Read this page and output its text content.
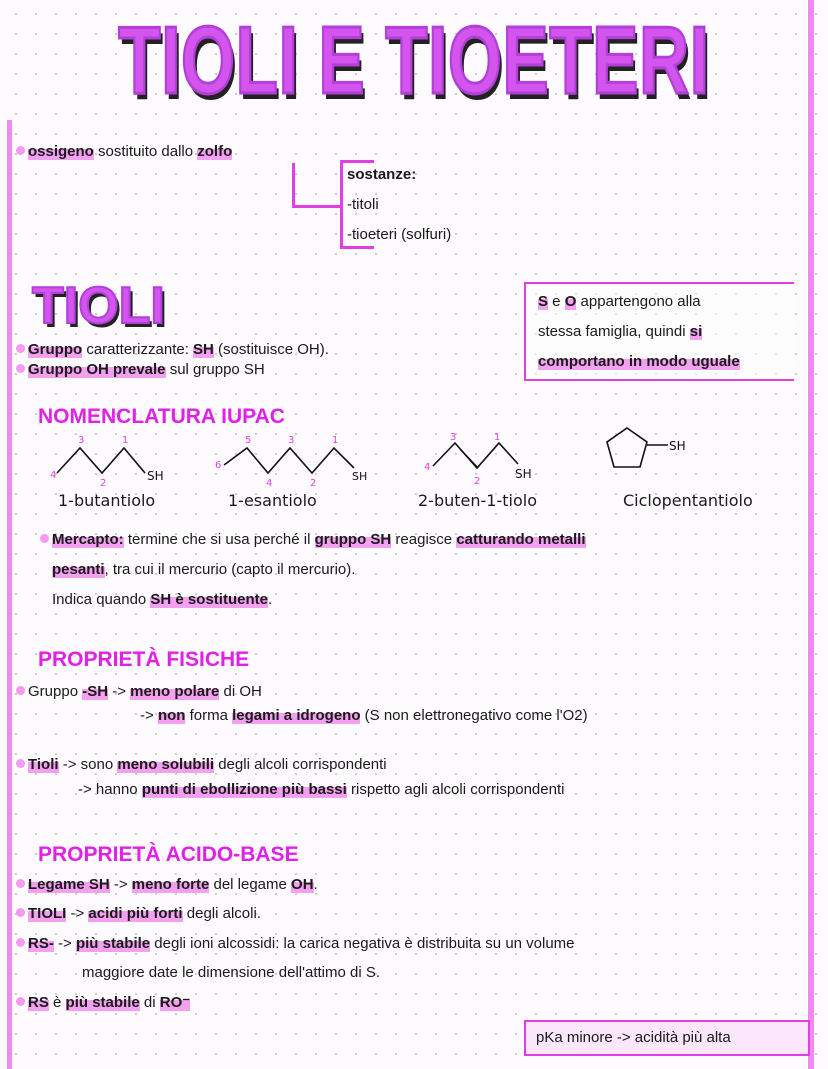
TIOLI E TIOETERI
ossigeno sostituito dallo zolfo
sostanze:
-titoli
-tioeteri (solfuri)
TIOLI
Gruppo caratterizzante: SH (sostituisce OH).
Gruppo OH prevale sul gruppo SH
S e O appartengono alla
stessa famiglia, quindi si
comportano in modo uguale
NOMENCLATURA IUPAC
3	1
4
2
SH
5	3	1
6
4	2
SH
3	1
4
2
SH
SH
1-butantiolo	1-esantiolo	2-buten-1-tiolo	Ciclopentantiolo
Mercapto: termine che si usa perché il gruppo SH reagisce catturando metalli
pesanti, tra cui il mercurio (capto il mercurio).
Indica quando SH è sostituente.
PROPRIETÀ FISICHE
Gruppo -SH -> meno polare di OH
-> non forma legami a idrogeno (S non elettronegativo come l'O2)
Tioli -> sono meno solubili degli alcoli corrispondenti
-> hanno punti di ebollizione più bassi rispetto agli alcoli corrispondenti
PROPRIETÀ ACIDO-BASE
Legame SH -> meno forte del legame OH.
TIOLI -> acidi più forti degli alcoli.
RS- -> più stabile degli ioni alcossidi: la carica negativa è distribuita su un volume
maggiore date le dimensione dell'attimo di S.
RS è più stabile di RO⁻
pKa minore -> acidità più alta
